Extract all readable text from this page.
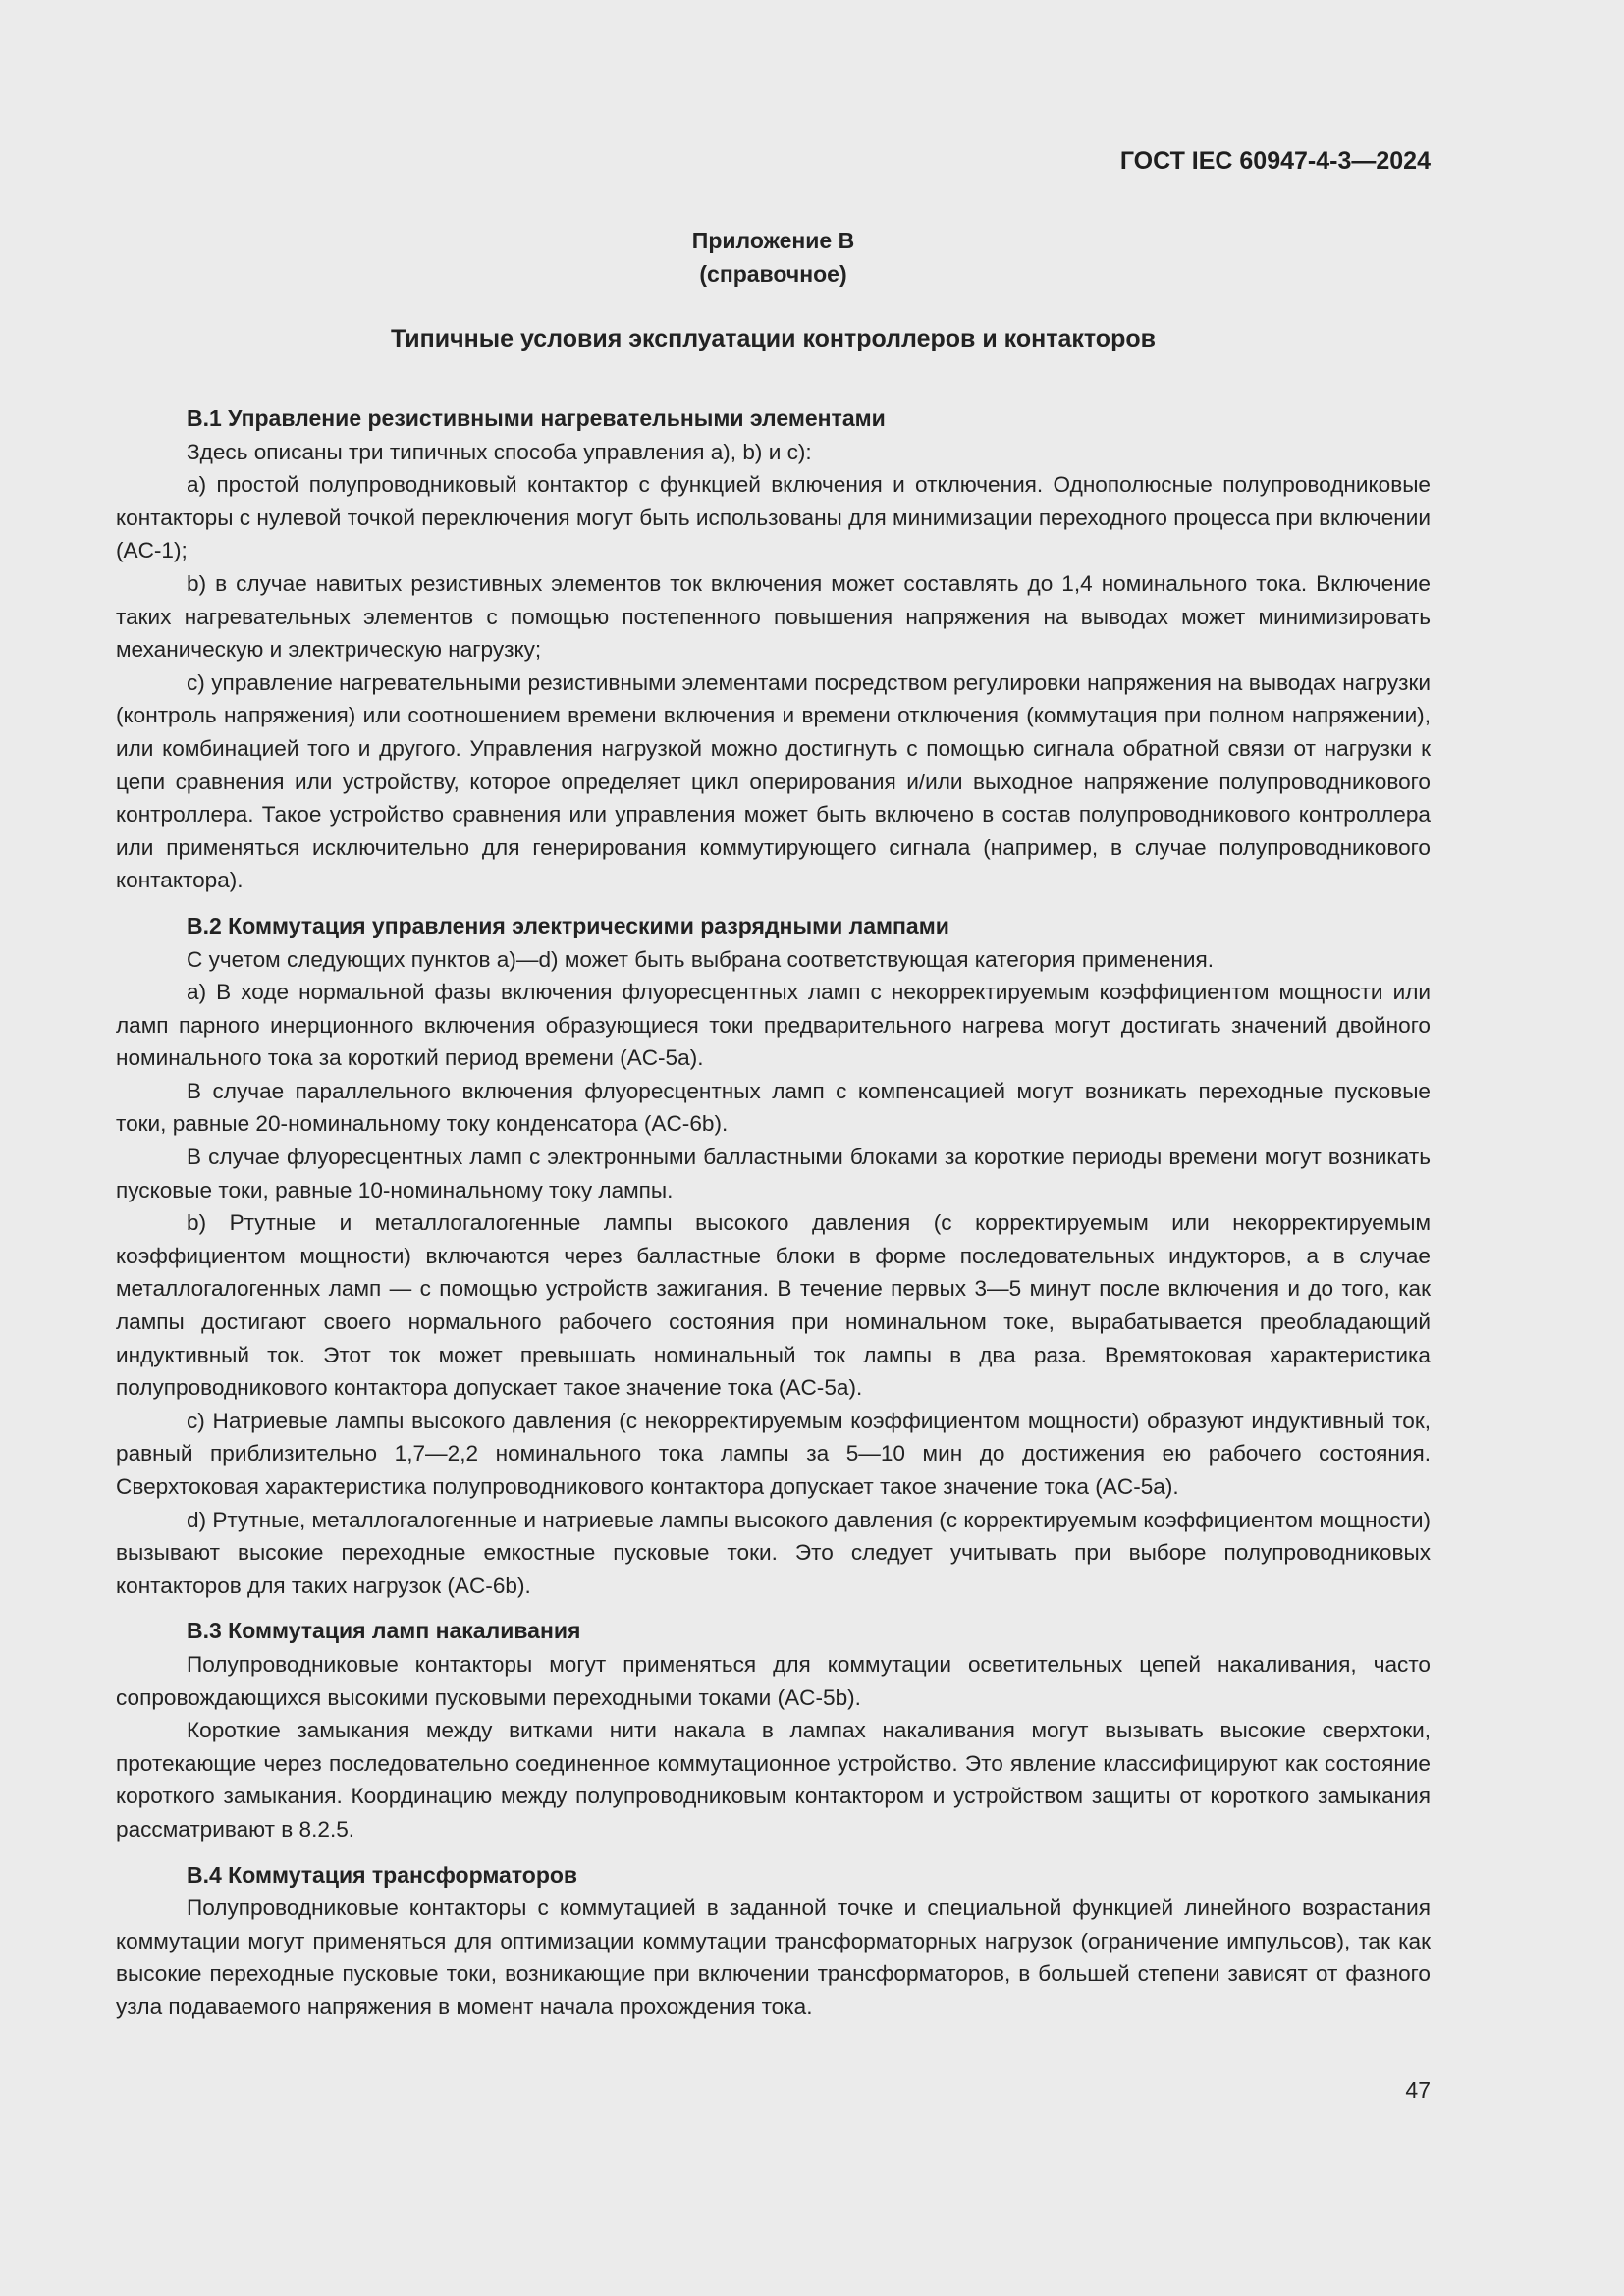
ГОСТ IEC 60947-4-3—2024
Приложение B
(справочное)
Типичные условия эксплуатации контроллеров и контакторов
B.1 Управление резистивными нагревательными элементами

Здесь описаны три типичных способа управления a), b) и c):

a) простой полупроводниковый контактор с функцией включения и отключения. Однополюсные полупроводниковые контакторы с нулевой точкой переключения могут быть использованы для минимизации переходного процесса при включении (AC-1);

b) в случае навитых резистивных элементов ток включения может составлять до 1,4 номинального тока. Включение таких нагревательных элементов с помощью постепенного повышения напряжения на выводах может минимизировать механическую и электрическую нагрузку;

c) управление нагревательными резистивными элементами посредством регулировки напряжения на выводах нагрузки (контроль напряжения) или соотношением времени включения и времени отключения (коммутация при полном напряжении), или комбинацией того и другого. Управления нагрузкой можно достигнуть с помощью сигнала обратной связи от нагрузки к цепи сравнения или устройству, которое определяет цикл оперирования и/или выходное напряжение полупроводникового контроллера. Такое устройство сравнения или управления может быть включено в состав полупроводникового контроллера или применяться исключительно для генерирования коммутирующего сигнала (например, в случае полупроводникового контактора).

B.2 Коммутация управления электрическими разрядными лампами

С учетом следующих пунктов a)—d) может быть выбрана соответствующая категория применения.

a) В ходе нормальной фазы включения флуоресцентных ламп с некорректируемым коэффициентом мощности или ламп парного инерционного включения образующиеся токи предварительного нагрева могут достигать значений двойного номинального тока за короткий период времени (AC-5a).

В случае параллельного включения флуоресцентных ламп с компенсацией могут возникать переходные пусковые токи, равные 20-номинальному току конденсатора (AC-6b).

В случае флуоресцентных ламп с электронными балластными блоками за короткие периоды времени могут возникать пусковые токи, равные 10-номинальному току лампы.

b) Ртутные и металлогалогенные лампы высокого давления (с корректируемым или некорректируемым коэффициентом мощности) включаются через балластные блоки в форме последовательных индукторов, а в случае металлогалогенных ламп — с помощью устройств зажигания. В течение первых 3—5 минут после включения и до того, как лампы достигают своего нормального рабочего состояния при номинальном токе, вырабатывается преобладающий индуктивный ток. Этот ток может превышать номинальный ток лампы в два раза. Времятоковая характеристика полупроводникового контактора допускает такое значение тока (AC-5a).

c) Натриевые лампы высокого давления (с некорректируемым коэффициентом мощности) образуют индуктивный ток, равный приблизительно 1,7—2,2 номинального тока лампы за 5—10 мин до достижения ею рабочего состояния. Сверхтоковая характеристика полупроводникового контактора допускает такое значение тока (AC-5a).

d) Ртутные, металлогалогенные и натриевые лампы высокого давления (с корректируемым коэффициентом мощности) вызывают высокие переходные емкостные пусковые токи. Это следует учитывать при выборе полупроводниковых контакторов для таких нагрузок (AC-6b).

B.3 Коммутация ламп накаливания

Полупроводниковые контакторы могут применяться для коммутации осветительных цепей накаливания, часто сопровождающихся высокими пусковыми переходными токами (AC-5b).

Короткие замыкания между витками нити накала в лампах накаливания могут вызывать высокие сверхтоки, протекающие через последовательно соединенное коммутационное устройство. Это явление классифицируют как состояние короткого замыкания. Координацию между полупроводниковым контактором и устройством защиты от короткого замыкания рассматривают в 8.2.5.

B.4 Коммутация трансформаторов

Полупроводниковые контакторы с коммутацией в заданной точке и специальной функцией линейного возрастания коммутации могут применяться для оптимизации коммутации трансформаторных нагрузок (ограничение импульсов), так как высокие переходные пусковые токи, возникающие при включении трансформаторов, в большей степени зависят от фазного узла подаваемого напряжения в момент начала прохождения тока.

47
